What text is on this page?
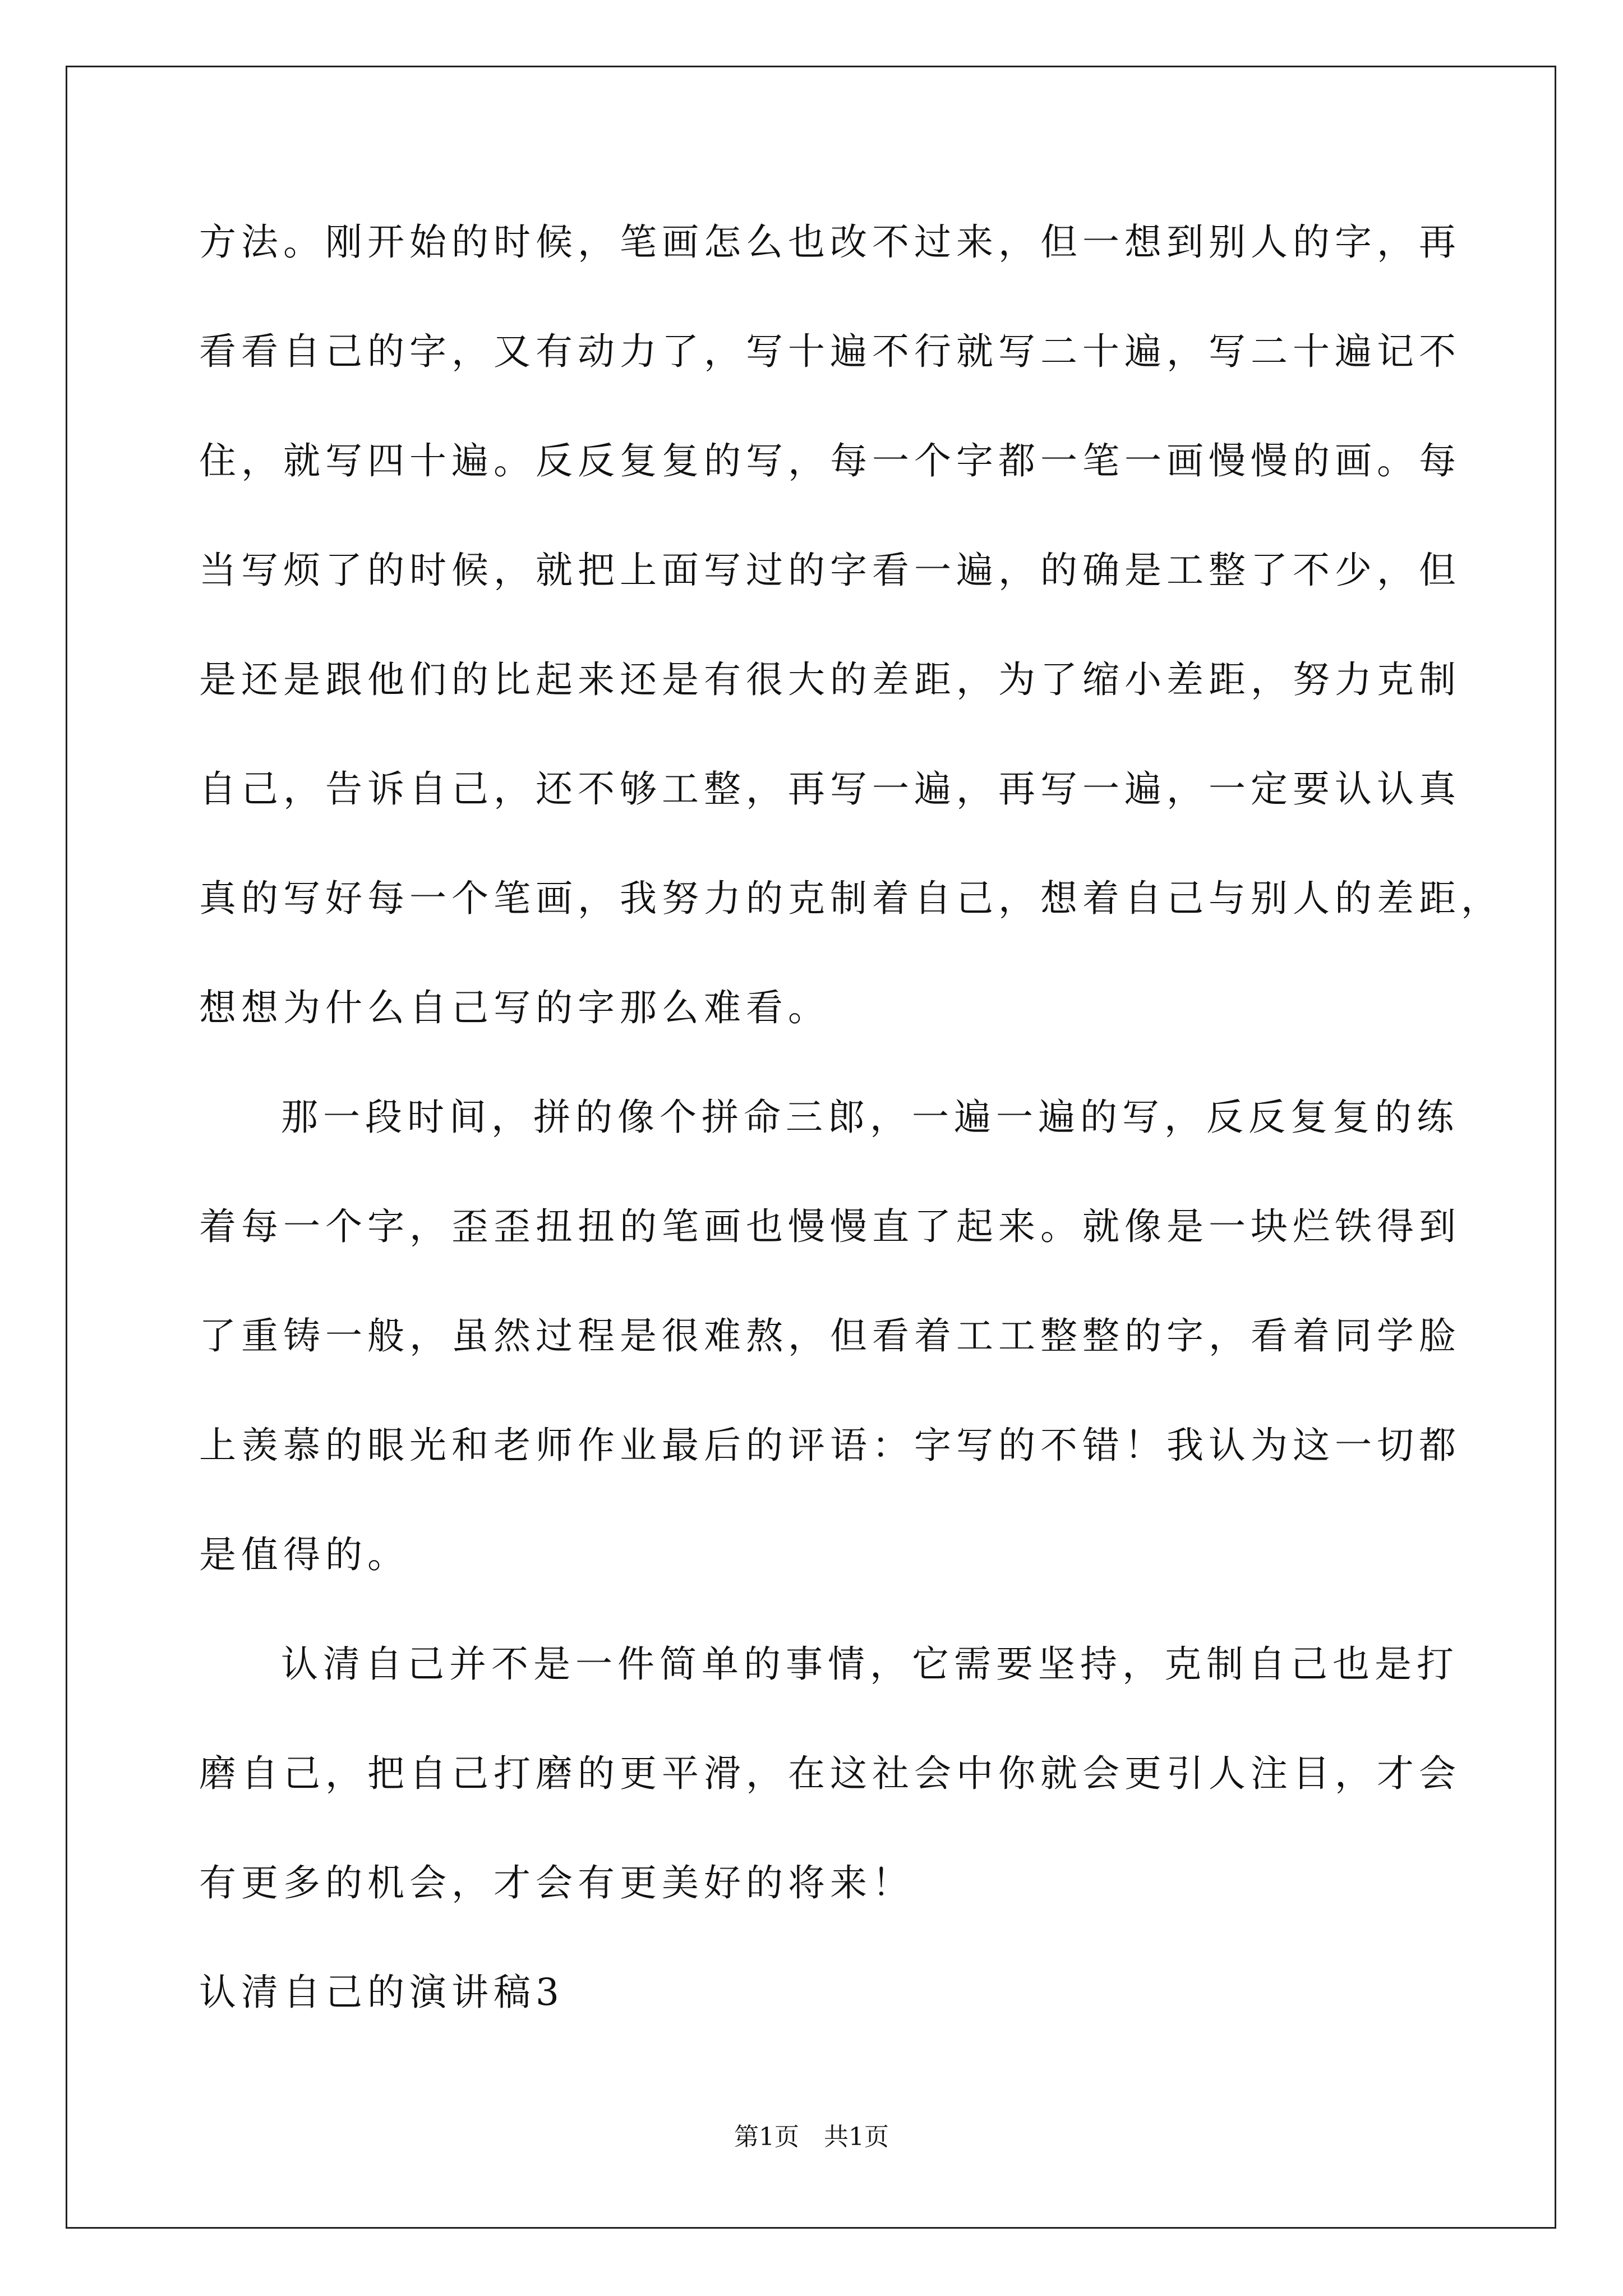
方法。刚开始的时候，笔画怎么也改不过来，但一想到别人的字，再
看看自己的字，又有动力了，写十遍不行就写二十遍，写二十遍记不
住，就写四十遍。反反复复的写，每一个字都一笔一画慢慢的画。每
当写烦了的时候，就把上面写过的字看一遍，的确是工整了不少，但
是还是跟他们的比起来还是有很大的差距，为了缩小差距，努力克制
自己，告诉自己，还不够工整，再写一遍，再写一遍，一定要认认真
真的写好每一个笔画，我努力的克制着自己，想着自己与别人的差距，
想想为什么自己写的字那么难看。
那一段时间，拼的像个拼命三郎，一遍一遍的写，反反复复的练
着每一个字，歪歪扭扭的笔画也慢慢直了起来。就像是一块烂铁得到
了重铸一般，虽然过程是很难熬，但看着工工整整的字，看着同学脸
上羡慕的眼光和老师作业最后的评语：字写的不错！我认为这一切都
是值得的。
认清自己并不是一件简单的事情，它需要坚持，克制自己也是打
磨自己，把自己打磨的更平滑，在这社会中你就会更引人注目，才会
有更多的机会，才会有更美好的将来！
认清自己的演讲稿3
第1页　共1页
